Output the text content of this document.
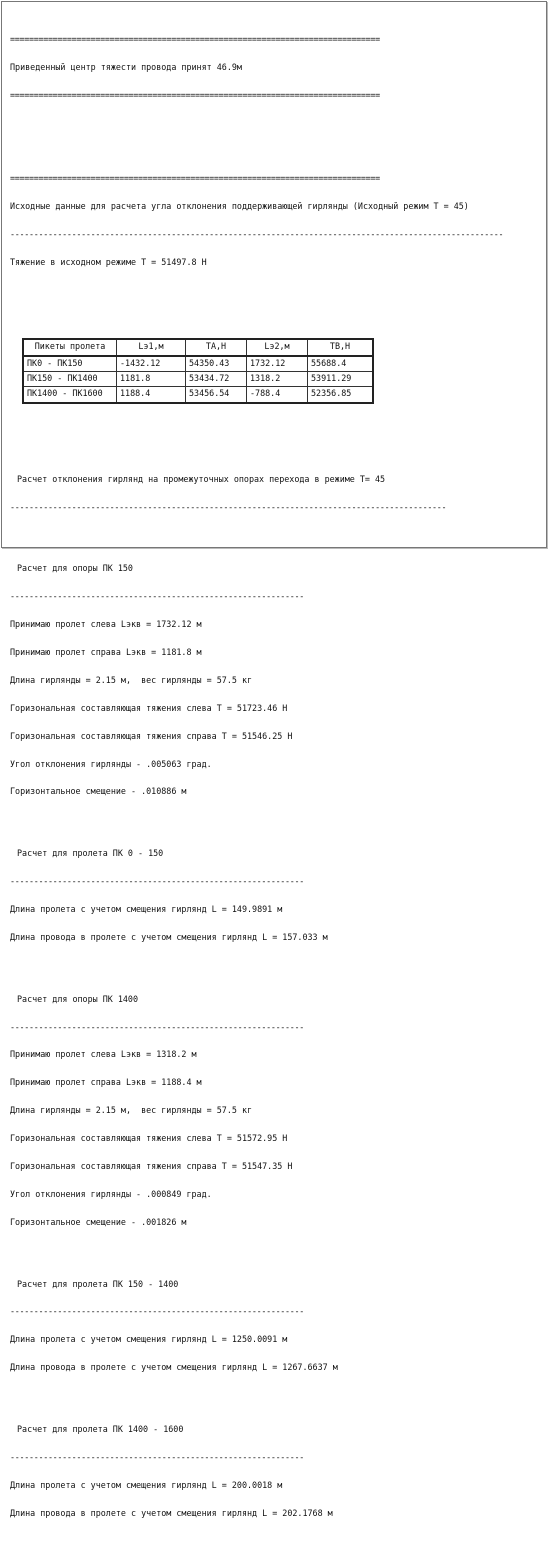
==============================================================================

Приведенный центр тяжести провода принят 46.9м

==============================================================================

==============================================================================

Исходные данные для расчета угла отклонения поддерживающей гирлянды (Исходный режим Т = 45)

--------------------------------------------------------------------------------------------------------

Тяжение в исходном режиме Т = 51497.8 Н

Пикеты пролета	Lэ1,м	ТА,Н	Lэ2,м	ТВ,Н
ПК0 - ПК150	-1432.12	54350.43	1732.12	55688.4
ПК150 - ПК1400	1181.8	53434.72	1318.2	53911.29
ПК1400 - ПК1600	1188.4	53456.54	-788.4	52356.85

Расчет отклонения гирлянд на промежуточных опорах перехода в режиме Т= 45

--------------------------------------------------------------------------------------------

Расчет для опоры ПК 150

--------------------------------------------------------------

Принимаю пролет слева Lэкв = 1732.12 м

Принимаю пролет справа Lэкв = 1181.8 м

Длина гирлянды = 2.15 м,  вес гирлянды = 57.5 кг

Горизональная составляющая тяжения слева Т = 51723.46 Н

Горизональная составляющая тяжения справа Т = 51546.25 Н

Угол отклонения гирлянды - .005063 град.

Горизонтальное смещение - .010886 м

Расчет для пролета ПК 0 - 150

--------------------------------------------------------------

Длина пролета с учетом смещения гирлянд L = 149.9891 м

Длина провода в пролете с учетом смещения гирлянд L = 157.033 м

Расчет для опоры ПК 1400

--------------------------------------------------------------

Принимаю пролет слева Lэкв = 1318.2 м

Принимаю пролет справа Lэкв = 1188.4 м

Длина гирлянды = 2.15 м,  вес гирлянды = 57.5 кг

Горизональная составляющая тяжения слева Т = 51572.95 Н

Горизональная составляющая тяжения справа Т = 51547.35 Н

Угол отклонения гирлянды - .000849 град.

Горизонтальное смещение - .001826 м

Расчет для пролета ПК 150 - 1400

--------------------------------------------------------------

Длина пролета с учетом смещения гирлянд L = 1250.0091 м

Длина провода в пролете с учетом смещения гирлянд L = 1267.6637 м

Расчет для пролета ПК 1400 - 1600

--------------------------------------------------------------

Длина пролета с учетом смещения гирлянд L = 200.0018 м

Длина провода в пролете с учетом смещения гирлянд L = 202.1768 м
